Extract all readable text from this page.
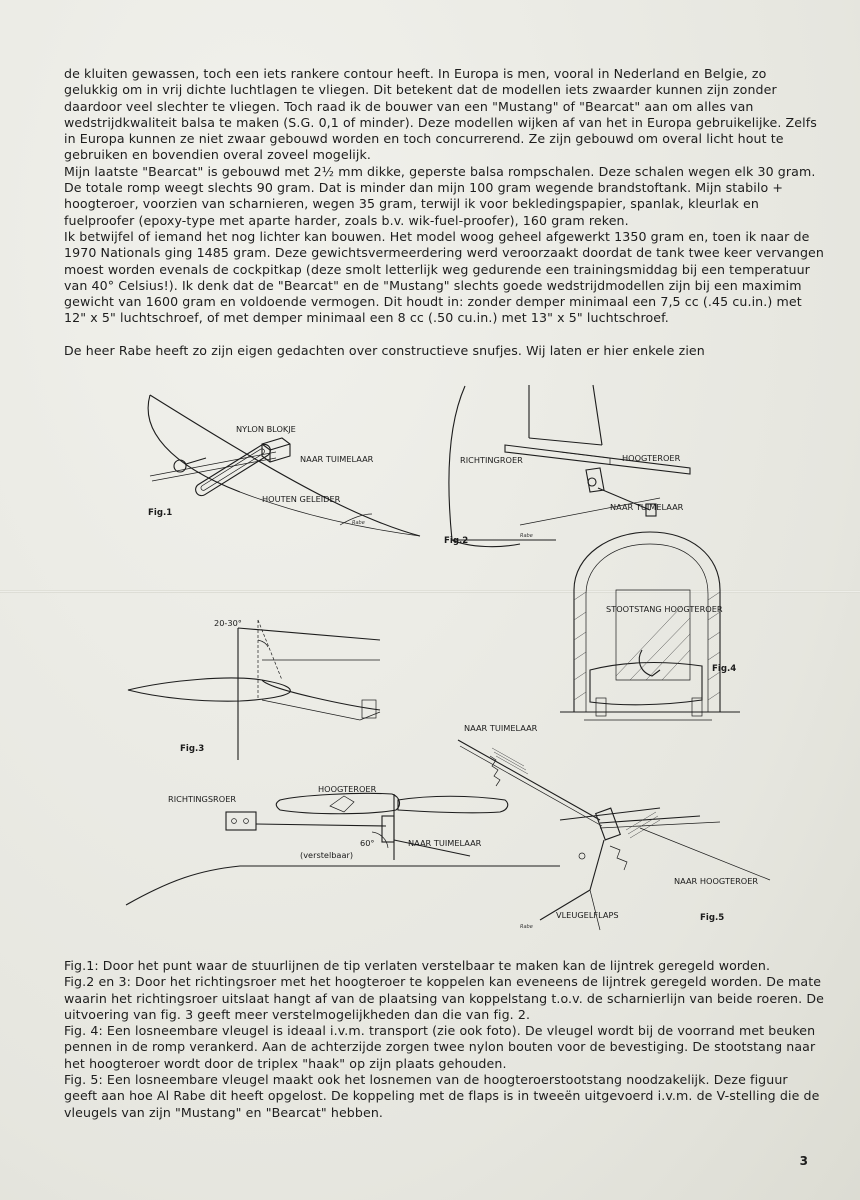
de kluiten gewassen, toch een iets rankere contour heeft. In Europa is men, vooral in Nederland en Belgie, zo gelukkig om in vrij dichte luchtlagen te vliegen. Dit betekent dat de modellen iets zwaarder kunnen zijn zonder daardoor veel slechter te vliegen. Toch raad ik de bouwer van een "Mustang" of "Bearcat" aan om alles van wedstrijdkwaliteit balsa te maken (S.G. 0,1 of minder). Deze modellen wijken af van het in Europa gebruikelijke. Zelfs in Europa kunnen ze niet zwaar gebouwd worden en toch concurrerend. Ze zijn gebouwd om overal licht hout te gebruiken en bovendien overal zoveel mogelijk.

Mijn laatste "Bearcat" is gebouwd met 2½ mm dikke, geperste balsa rompschalen. Deze schalen wegen elk 30 gram. De totale romp weegt slechts 90 gram. Dat is minder dan mijn 100 gram wegende brandstoftank. Mijn stabilo + hoogteroer, voorzien van scharnieren, wegen 35 gram, terwijl ik voor bekledingspapier, spanlak, kleurlak en fuelproofer (epoxy-type met aparte harder, zoals b.v. wik-fuel-proofer), 160 gram reken.

Ik betwijfel of iemand het nog lichter kan bouwen. Het model woog geheel afgewerkt 1350 gram en, toen ik naar de 1970 Nationals ging 1485 gram. Deze gewichtsvermeerdering werd veroorzaakt doordat de tank twee keer vervangen moest worden evenals de cockpitkap (deze smolt letterlijk weg gedurende een trainingsmiddag bij een temperatuur van 40° Celsius!). Ik denk dat de "Bearcat" en de "Mustang" slechts goede wedstrijdmodellen zijn bij een maximim gewicht van 1600 gram en voldoende vermogen. Dit houdt in: zonder demper minimaal een 7,5 cc (.45 cu.in.) met 12" x 5" luchtschroef, of met demper minimaal een 8 cc (.50 cu.in.) met 13" x 5" luchtschroef.

De heer Rabe heeft zo zijn eigen gedachten over constructieve snufjes. Wij laten er hier enkele zien

NYLON BLOKJE
NAAR TUIMELAAR
HOUTEN GELEIDER
Fig.1
Rabe
RICHTINGROER	HOOGTEROER
NAAR TUIMELAAR
Fig.2	Rabe
20-30°
Fig.3
HOOGTEROER
RICHTINGSROER
NAAR TUIMELAAR
(verstelbaar)
60°
STOOTSTANG HOOGTEROER
Fig.4
NAAR TUIMELAAR
NAAR HOOGTEROER
VLEUGELFLAPS	Fig.5
Rabe

Fig.1: Door het punt waar de stuurlijnen de tip verlaten verstelbaar te maken kan de lijntrek geregeld worden.

Fig.2 en 3: Door het richtingsroer met het hoogteroer te koppelen kan eveneens de lijntrek geregeld worden. De mate waarin het richtingsroer uitslaat hangt af van de plaatsing van koppelstang t.o.v. de scharnierlijn van beide roeren. De uitvoering van fig. 3 geeft meer verstelmogelijkheden dan die van fig. 2.

Fig. 4: Een losneembare vleugel is ideaal i.v.m. transport (zie ook foto). De vleugel wordt bij de voorrand met beuken pennen in de romp verankerd. Aan de achterzijde zorgen twee nylon bouten voor de bevestiging. De stootstang naar het hoogteroer wordt door de triplex "haak" op zijn plaats gehouden.

Fig. 5: Een losneembare vleugel maakt ook het losnemen van de hoogteroerstootstang noodzakelijk. Deze figuur geeft aan hoe Al Rabe dit heeft opgelost. De koppeling met de flaps is in tweeën uitgevoerd i.v.m. de V-stelling die de vleugels van zijn "Mustang" en "Bearcat" hebben.

3
